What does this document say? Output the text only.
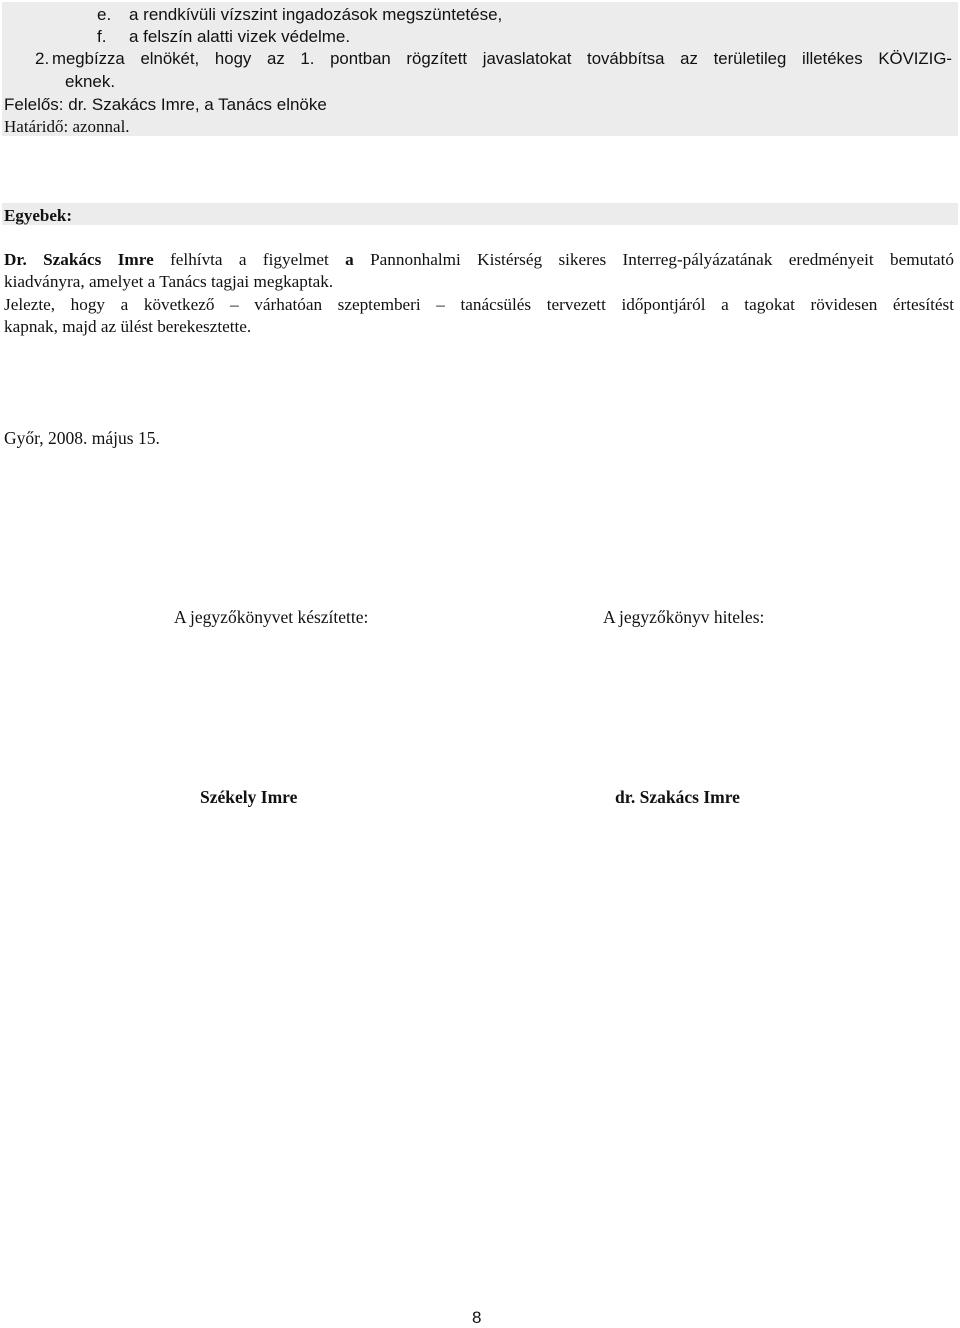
e. a rendkívüli vízszint ingadozások megszüntetése,
f. a felszín alatti vizek védelme.
2. megbízza elnökét, hogy az 1. pontban rögzített javaslatokat továbbítsa az területileg illetékes KÖVIZIG-
eknek.
Felelős: dr. Szakács Imre, a Tanács elnöke
Határidő: azonnal.
Egyebek:
Dr. Szakács Imre felhívta a figyelmet a Pannonhalmi Kistérség sikeres Interreg-pályázatának eredményeit bemutató
kiadványra, amelyet a Tanács tagjai megkaptak.
Jelezte, hogy a következő – várhatóan szeptemberi – tanácsülés tervezett időpontjáról a tagokat rövidesen értesítést
kapnak, majd az ülést berekesztette.
Győr, 2008. május 15.
A jegyzőkönyvet készítette:	A jegyzőkönyv hiteles:
Székely Imre	dr. Szakács Imre
8
